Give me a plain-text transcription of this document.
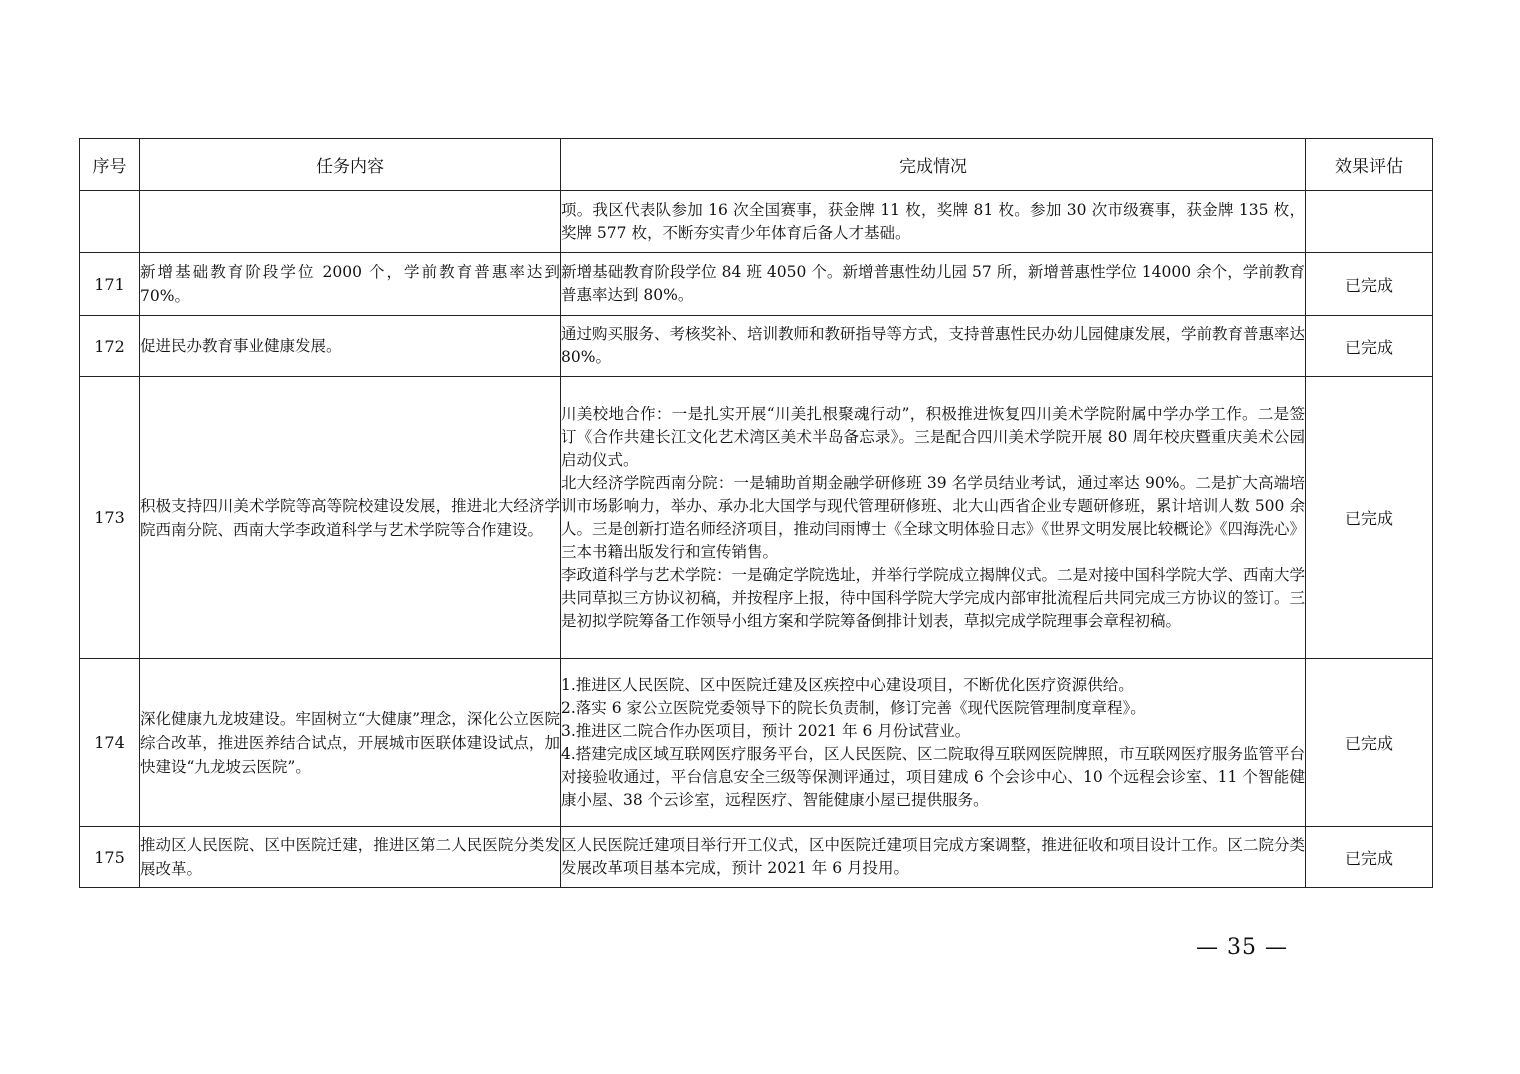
序号	任务内容	完成情况	效果评估

		项。我区代表队参加 16 次全国赛事，获金牌 11 枚，奖牌 81 枚。参加 30 次市级赛事，获金牌 135 枚，奖牌 577 枚，不断夯实青少年体育后备人才基础。	

171	新增基础教育阶段学位 2000 个，学前教育普惠率达到 70%。	新增基础教育阶段学位 84 班 4050 个。新增普惠性幼儿园 57 所，新增普惠性学位 14000 余个，学前教育普惠率达到 80%。	已完成
172	促进民办教育事业健康发展。	通过购买服务、考核奖补、培训教师和教研指导等方式，支持普惠性民办幼儿园健康发展，学前教育普惠率达 80%。	已完成
173	积极支持四川美术学院等高等院校建设发展，推进北大经济学院西南分院、西南大学李政道科学与艺术学院等合作建设。	川美校地合作：一是扎实开展“川美扎根聚魂行动”，积极推进恢复四川美术学院附属中学办学工作。二是签订《合作共建长江文化艺术湾区美术半岛备忘录》。三是配合四川美术学院开展 80 周年校庆暨重庆美术公园启动仪式。
北大经济学院西南分院：一是辅助首期金融学研修班 39 名学员结业考试，通过率达 90%。二是扩大高端培训市场影响力，举办、承办北大国学与现代管理研修班、北大山西省企业专题研修班，累计培训人数 500 余人。三是创新打造名师经济项目，推动闫雨博士《全球文明体验日志》《世界文明发展比较概论》《四海洗心》三本书籍出版发行和宣传销售。
李政道科学与艺术学院：一是确定学院选址，并举行学院成立揭牌仪式。二是对接中国科学院大学、西南大学共同草拟三方协议初稿，并按程序上报，待中国科学院大学完成内部审批流程后共同完成三方协议的签订。三是初拟学院筹备工作领导小组方案和学院筹备倒排计划表，草拟完成学院理事会章程初稿。	已完成
174	深化健康九龙坡建设。牢固树立“大健康”理念，深化公立医院综合改革，推进医养结合试点，开展城市医联体建设试点，加快建设“九龙坡云医院”。	1.推进区人民医院、区中医院迁建及区疾控中心建设项目，不断优化医疗资源供给。
2.落实 6 家公立医院党委领导下的院长负责制，修订完善《现代医院管理制度章程》。
3.推进区二院合作办医项目，预计 2021 年 6 月份试营业。
4.搭建完成区域互联网医疗服务平台，区人民医院、区二院取得互联网医院牌照，市互联网医疗服务监管平台对接验收通过，平台信息安全三级等保测评通过，项目建成 6 个会诊中心、10 个远程会诊室、11 个智能健康小屋、38 个云诊室，远程医疗、智能健康小屋已提供服务。	已完成
175	推动区人民医院、区中医院迁建，推进区第二人民医院分类发展改革。	区人民医院迁建项目举行开工仪式，区中医院迁建项目完成方案调整，推进征收和项目设计工作。区二院分类发展改革项目基本完成，预计 2021 年 6 月投用。	已完成
— 35 —
